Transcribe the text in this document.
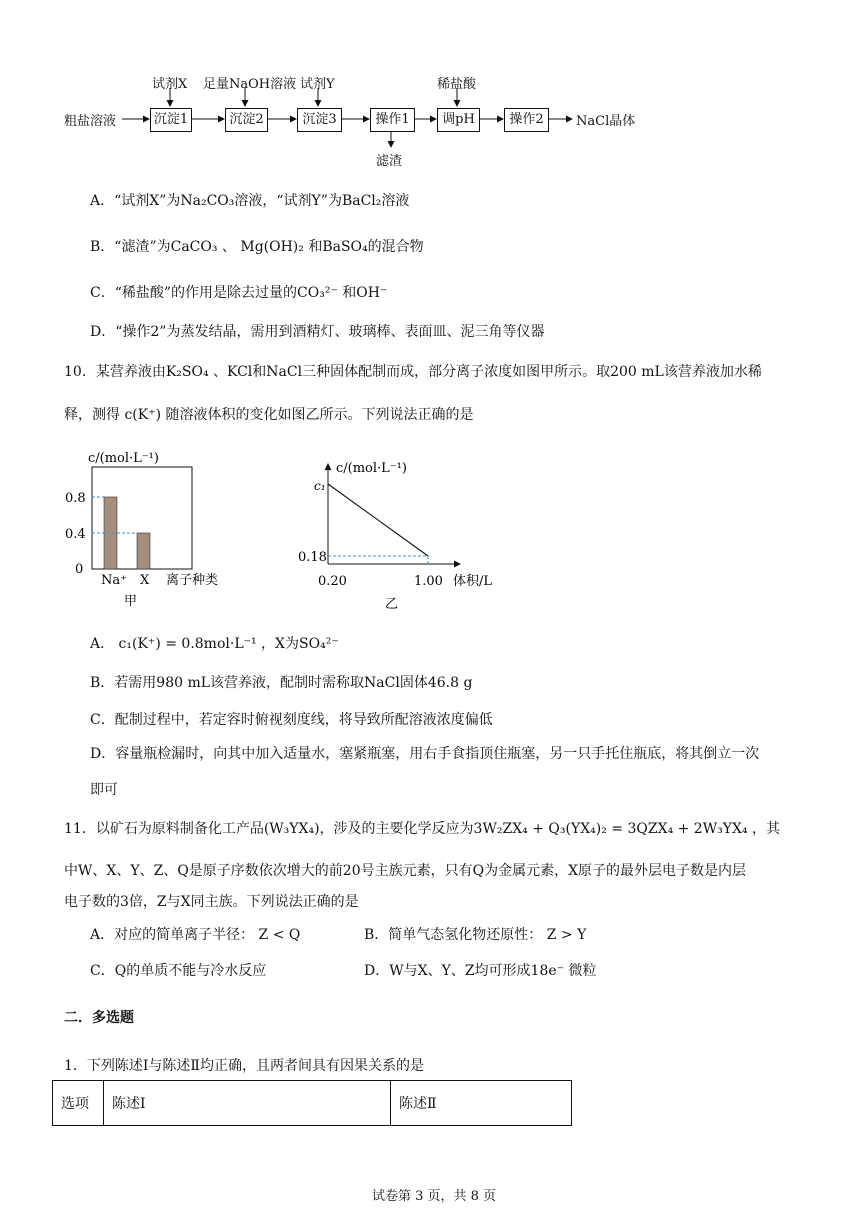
粗盐溶液
试剂X 足量NaOH溶液 试剂Y	稀盐酸
沉淀1	沉淀2	沉淀3	操作1	调pH	操作2
滤渣
NaCl晶体
A．“试剂X”为Na₂CO₃溶液，“试剂Y”为BaCl₂溶液
B．“滤渣”为CaCO₃ 、 Mg(OH)₂ 和BaSO₄的混合物
C．“稀盐酸”的作用是除去过量的CO₃²⁻ 和OH⁻
D．“操作2”为蒸发结晶，需用到酒精灯、玻璃棒、表面皿、泥三角等仪器
10．某营养液由K₂SO₄ 、KCl和NaCl三种固体配制而成，部分离子浓度如图甲所示。取200 mL该营养液加水稀
释，测得 c(K⁺) 随溶液体积的变化如图乙所示。下列说法正确的是
c/(mol·L⁻¹)
0.8
0.4
0
Na⁺ X 离子种类
甲
c/(mol·L⁻¹)
c₁
0.18
0.20	1.00 体积/L
乙
A． c₁(K⁺) = 0.8mol·L⁻¹ ，X为SO₄²⁻
B．若需用980 mL该营养液，配制时需称取NaCl固体46.8 g
C．配制过程中，若定容时俯视刻度线，将导致所配溶液浓度偏低
D．容量瓶检漏时，向其中加入适量水，塞紧瓶塞，用右手食指顶住瓶塞，另一只手托住瓶底，将其倒立一次
即可
11．以矿石为原料制备化工产品(W₃YX₄)，涉及的主要化学反应为3W₂ZX₄ + Q₃(YX₄)₂ = 3QZX₄ + 2W₃YX₄ ，其
中W、X、Y、Z、Q是原子序数依次增大的前20号主族元素，只有Q为金属元素，X原子的最外层电子数是内层
电子数的3倍，Z与X同主族。下列说法正确的是
A．对应的简单离子半径： Z < Q	B．简单气态氢化物还原性： Z > Y
C．Q的单质不能与冷水反应	D．W与X、Y、Z均可形成18e⁻ 微粒
二．多选题
1．下列陈述Ⅰ与陈述Ⅱ均正确，且两者间具有因果关系的是
选项	陈述Ⅰ	陈述Ⅱ
试卷第 3 页，共 8 页
